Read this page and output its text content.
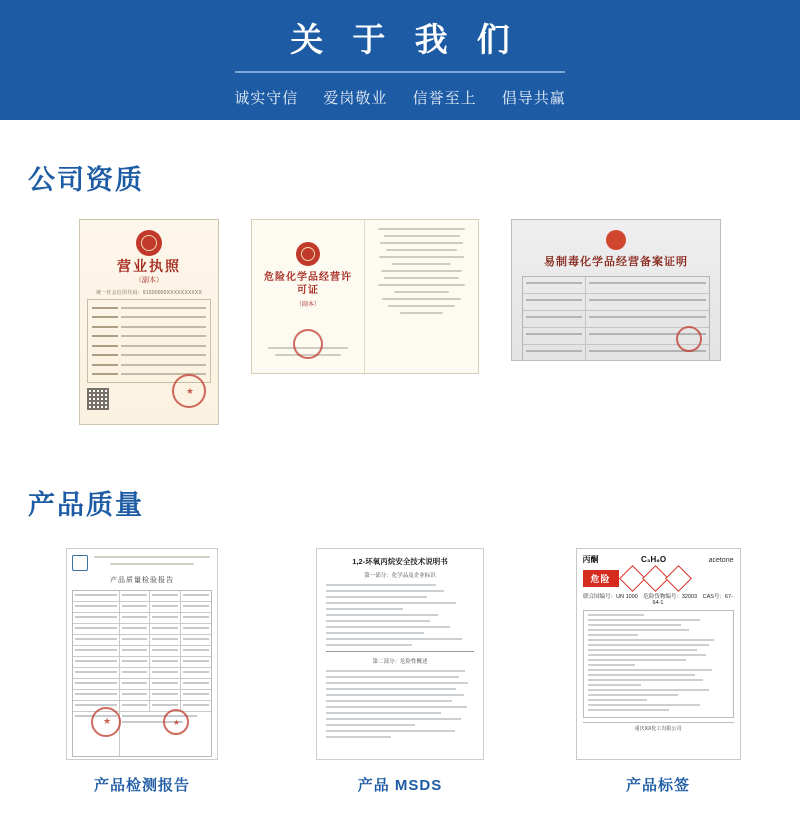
关 于 我 们
诚实守信 爱岗敬业 信誉至上 倡导共赢
公司资质
营业执照
（副本）
统一社会信用代码：91500000XXXXXXXXXX
★
危险化学品经营许可证
（副本）
易制毒化学品经营备案证明
产品质量
产品质量检验报告
★	★
产品检测报告
1,2-环氧丙烷安全技术说明书
第一部分：化学品及企业标识
第二部分：危险性概述
产品 MSDS
丙酮	C₃H₆O	acetone
危险
联合国编号：UN 1090　危险货物编号：32003　CAS号：67-64-1
重庆XX化工有限公司
产品标签
